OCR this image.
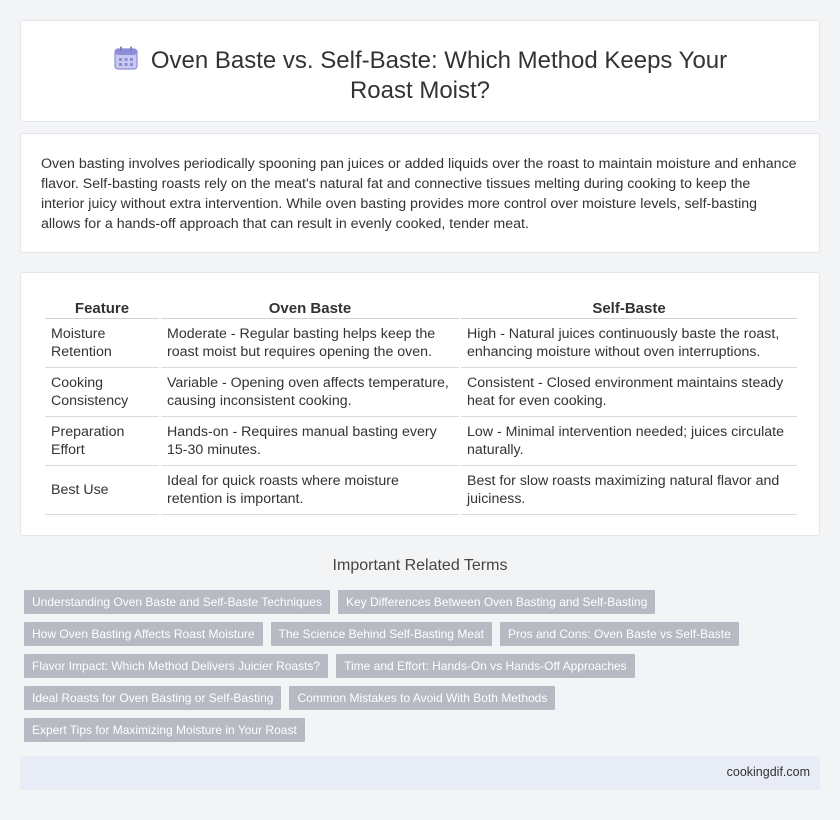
Oven Baste vs. Self-Baste: Which Method Keeps Your Roast Moist?

Oven basting involves periodically spooning pan juices or added liquids over the roast to maintain moisture and enhance flavor. Self-basting roasts rely on the meat's natural fat and connective tissues melting during cooking to keep the interior juicy without extra intervention. While oven basting provides more control over moisture levels, self-basting allows for a hands-off approach that can result in evenly cooked, tender meat.

Feature	Oven Baste	Self-Baste
Moisture Retention	Moderate - Regular basting helps keep the roast moist but requires opening the oven.	High - Natural juices continuously baste the roast, enhancing moisture without oven interruptions.
Cooking Consistency	Variable - Opening oven affects temperature, causing inconsistent cooking.	Consistent - Closed environment maintains steady heat for even cooking.
Preparation Effort	Hands-on - Requires manual basting every 15-30 minutes.	Low - Minimal intervention needed; juices circulate naturally.
Best Use	Ideal for quick roasts where moisture retention is important.	Best for slow roasts maximizing natural flavor and juiciness.
Important Related Terms
Understanding Oven Baste and Self-Baste Techniques	Key Differences Between Oven Basting and Self-Basting
How Oven Basting Affects Roast Moisture	The Science Behind Self-Basting Meat	Pros and Cons: Oven Baste vs Self-Baste
Flavor Impact: Which Method Delivers Juicier Roasts?	Time and Effort: Hands-On vs Hands-Off Approaches
Ideal Roasts for Oven Basting or Self-Basting	Common Mistakes to Avoid With Both Methods
Expert Tips for Maximizing Moisture in Your Roast
cookingdif.com
